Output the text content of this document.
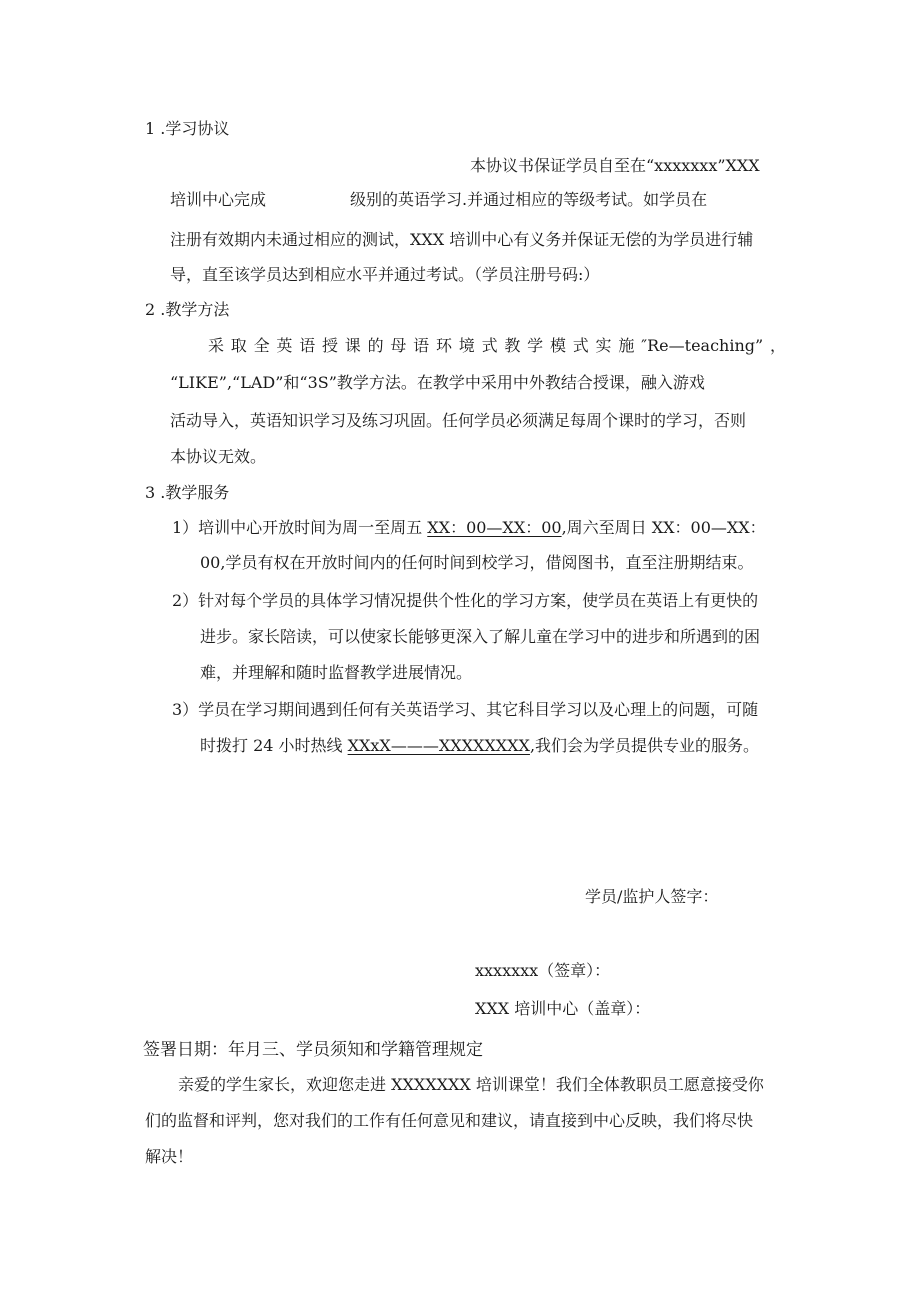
1 .学习协议
本协议书保证学员自至在“xxxxxxx”XXX
培训中心完成	级别的英语学习.并通过相应的等级考试。如学员在
注册有效期内未通过相应的测试，XXX 培训中心有义务并保证无偿的为学员进行辅
导，直至该学员达到相应水平并通过考试。（学员注册号码:）
2 .教学方法
采取全英语授课的母语环境式教学模式实施″Re—teaching”，
“LIKE”,“LAD”和“3S”教学方法。在教学中采用中外教结合授课，融入游戏
活动导入，英语知识学习及练习巩固。任何学员必须满足每周个课时的学习，否则
本协议无效。
3 .教学服务
1）培训中心开放时间为周一至周五 XX：00—XX：00,周六至周日 XX：00—XX：
00,学员有权在开放时间内的任何时间到校学习，借阅图书，直至注册期结束。
2）针对每个学员的具体学习情况提供个性化的学习方案，使学员在英语上有更快的
进步。家长陪读，可以使家长能够更深入了解儿童在学习中的进步和所遇到的困
难，并理解和随时监督教学进展情况。
3）学员在学习期间遇到任何有关英语学习、其它科目学习以及心理上的问题，可随
时拨打 24 小时热线 XXxX———XXXXXXXX,我们会为学员提供专业的服务。
学员/监护人签字：
xxxxxxx（签章）：
XXX 培训中心（盖章）：
签署日期：年月三、学员须知和学籍管理规定
亲爱的学生家长，欢迎您走进 XXXXXXX 培训课堂！我们全体教职员工愿意接受你
们的监督和评判，您对我们的工作有任何意见和建议，请直接到中心反映，我们将尽快
解决！
